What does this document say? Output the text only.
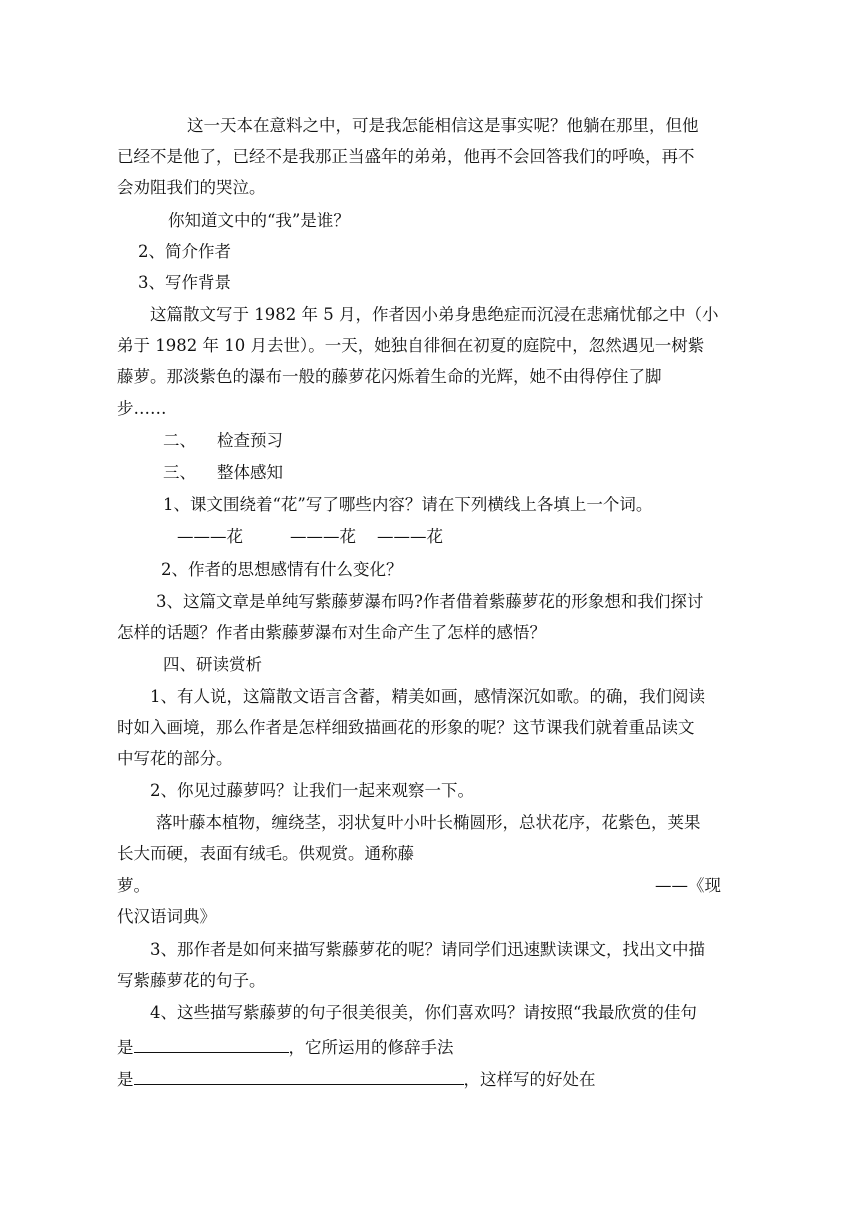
这一天本在意料之中，可是我怎能相信这是事实呢？他躺在那里，但他
已经不是他了，已经不是我那正当盛年的弟弟，他再不会回答我们的呼唤，再不
会劝阻我们的哭泣。
你知道文中的“我”是谁？
2、简介作者
3、写作背景
这篇散文写于 1982 年 5 月，作者因小弟身患绝症而沉浸在悲痛忧郁之中（小
弟于 1982 年 10 月去世）。一天，她独自徘徊在初夏的庭院中，忽然遇见一树紫
藤萝。那淡紫色的瀑布一般的藤萝花闪烁着生命的光辉，她不由得停住了脚
步……
二、 检查预习
三、 整体感知
1、课文围绕着“花”写了哪些内容？请在下列横线上各填上一个词。
———花	———花 ———花
2、作者的思想感情有什么变化？
3、这篇文章是单纯写紫藤萝瀑布吗?作者借着紫藤萝花的形象想和我们探讨
怎样的话题？作者由紫藤萝瀑布对生命产生了怎样的感悟？
四、研读赏析
1、有人说，这篇散文语言含蓄，精美如画，感情深沉如歌。的确，我们阅读
时如入画境，那么作者是怎样细致描画花的形象的呢？这节课我们就着重品读文
中写花的部分。
2、你见过藤萝吗？让我们一起来观察一下。
落叶藤本植物，缠绕茎，羽状复叶小叶长椭圆形，总状花序，花紫色，荚果
长大而硬，表面有绒毛。供观赏。通称藤
萝。	——《现
代汉语词典》
3、那作者是如何来描写紫藤萝花的呢？请同学们迅速默读课文，找出文中描
写紫藤萝花的句子。
4、这些描写紫藤萝的句子很美很美，你们喜欢吗？请按照“我最欣赏的佳句
是	，它所运用的修辞手法
是	，这样写的好处在
